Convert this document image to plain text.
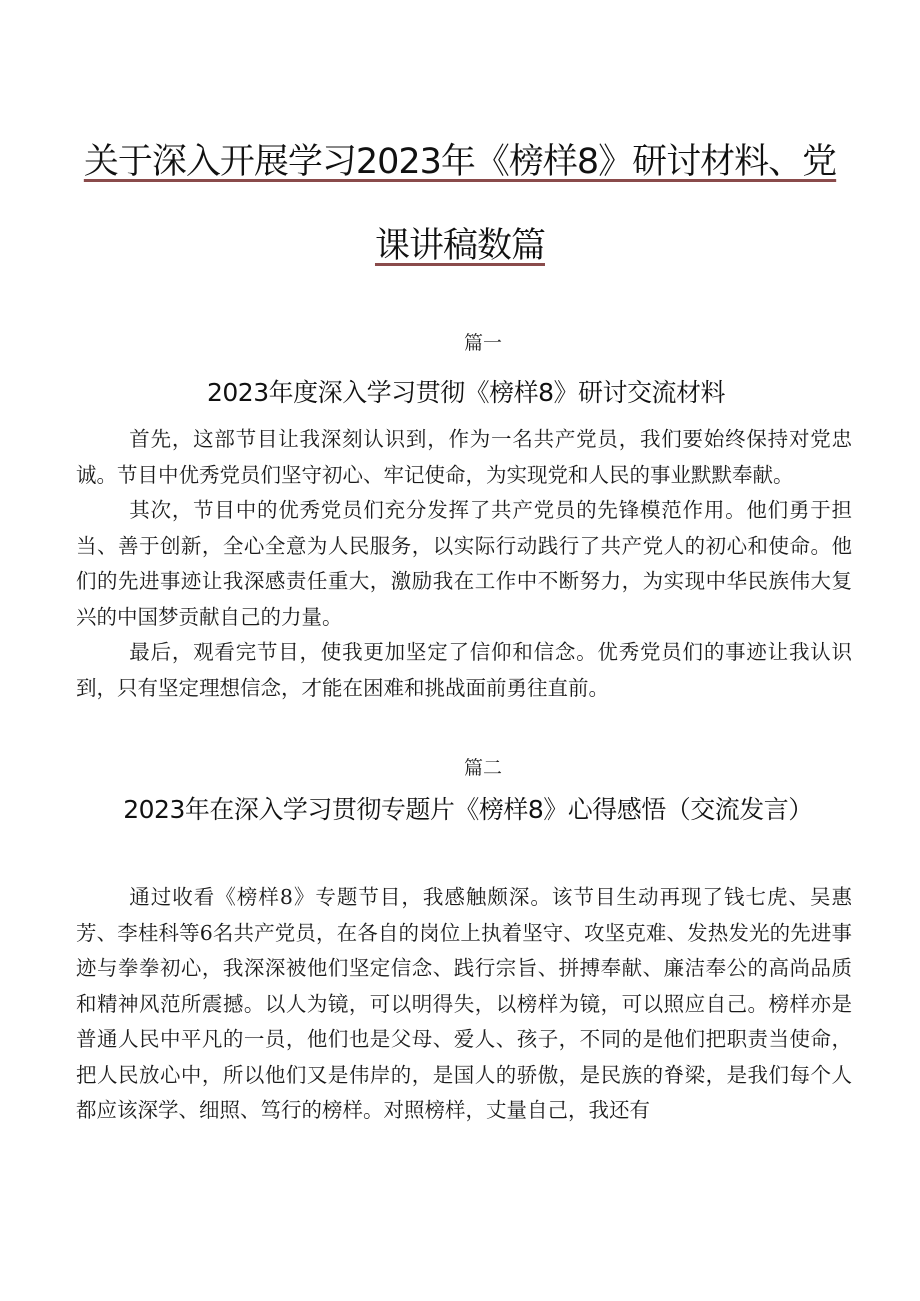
关于深入开展学习2023年《榜样8》研讨材料、党
课讲稿数篇
篇一
2023年度深入学习贯彻《榜样8》研讨交流材料

首先，这部节目让我深刻认识到，作为一名共产党员，我们要始终保持对党忠诚。节目中优秀党员们坚守初心、牢记使命，为实现党和人民的事业默默奉献。

其次，节目中的优秀党员们充分发挥了共产党员的先锋模范作用。他们勇于担当、善于创新，全心全意为人民服务，以实际行动践行了共产党人的初心和使命。他们的先进事迹让我深感责任重大，激励我在工作中不断努力，为实现中华民族伟大复兴的中国梦贡献自己的力量。

最后，观看完节目，使我更加坚定了信仰和信念。优秀党员们的事迹让我认识到，只有坚定理想信念，才能在困难和挑战面前勇往直前。

篇二
2023年在深入学习贯彻专题片《榜样8》心得感悟（交流发言）

通过收看《榜样8》专题节目，我感触颇深。该节目生动再现了钱七虎、吴惠芳、李桂科等6名共产党员，在各自的岗位上执着坚守、攻坚克难、发热发光的先进事迹与拳拳初心，我深深被他们坚定信念、践行宗旨、拼搏奉献、廉洁奉公的高尚品质和精神风范所震撼。以人为镜，可以明得失，以榜样为镜，可以照应自己。榜样亦是普通人民中平凡的一员，他们也是父母、爱人、孩子，不同的是他们把职责当使命，把人民放心中，所以他们又是伟岸的，是国人的骄傲，是民族的脊梁，是我们每个人都应该深学、细照、笃行的榜样。对照榜样，丈量自己，我还有
